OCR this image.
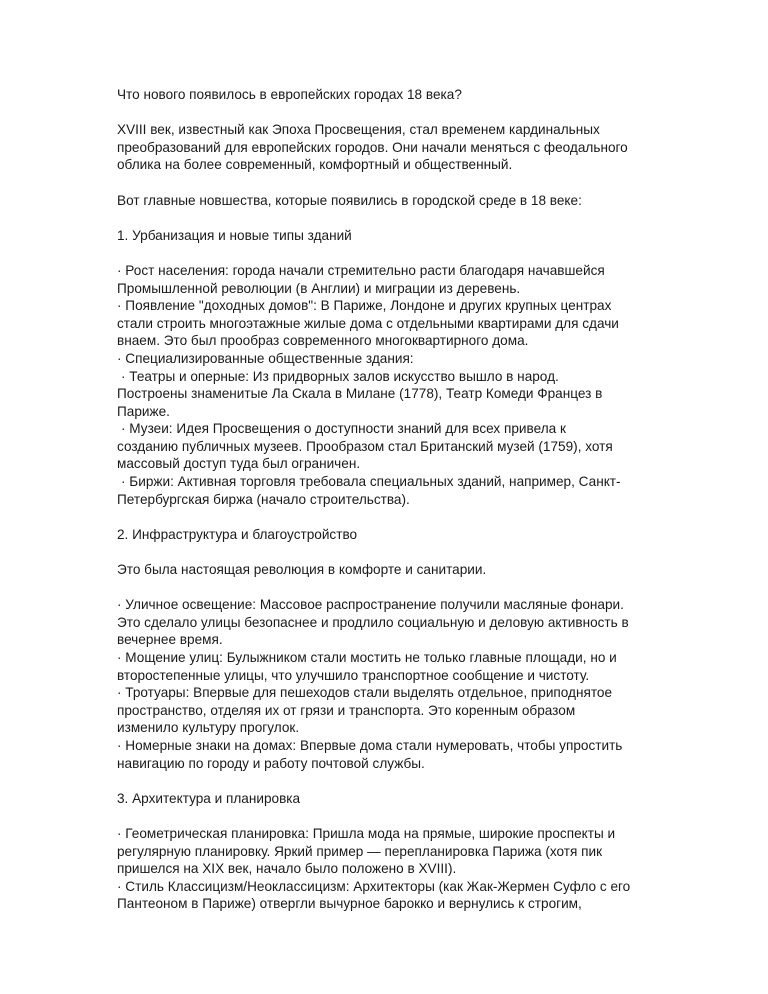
Что нового появилось в европейских городах 18 века?
XVIII век, известный как Эпоха Просвещения, стал временем кардинальных
преобразований для европейских городов. Они начали меняться с феодального
облика на более современный, комфортный и общественный.
Вот главные новшества, которые появились в городской среде в 18 веке:
1. Урбанизация и новые типы зданий
· Рост населения: города начали стремительно расти благодаря начавшейся
Промышленной революции (в Англии) и миграции из деревень.
· Появление "доходных домов": В Париже, Лондоне и других крупных центрах
стали строить многоэтажные жилые дома с отдельными квартирами для сдачи
внаем. Это был прообраз современного многоквартирного дома.
· Специализированные общественные здания:
· Театры и оперные: Из придворных залов искусство вышло в народ.
Построены знаменитые Ла Скала в Милане (1778), Театр Комеди Францез в
Париже.
· Музеи: Идея Просвещения о доступности знаний для всех привела к
созданию публичных музеев. Прообразом стал Британский музей (1759), хотя
массовый доступ туда был ограничен.
· Биржи: Активная торговля требовала специальных зданий, например, Санкт-
Петербургская биржа (начало строительства).
2. Инфраструктура и благоустройство
Это была настоящая революция в комфорте и санитарии.
· Уличное освещение: Массовое распространение получили масляные фонари.
Это сделало улицы безопаснее и продлило социальную и деловую активность в
вечернее время.
· Мощение улиц: Булыжником стали мостить не только главные площади, но и
второстепенные улицы, что улучшило транспортное сообщение и чистоту.
· Тротуары: Впервые для пешеходов стали выделять отдельное, приподнятое
пространство, отделяя их от грязи и транспорта. Это коренным образом
изменило культуру прогулок.
· Номерные знаки на домах: Впервые дома стали нумеровать, чтобы упростить
навигацию по городу и работу почтовой службы.
3. Архитектура и планировка
· Геометрическая планировка: Пришла мода на прямые, широкие проспекты и
регулярную планировку. Яркий пример — перепланировка Парижа (хотя пик
пришелся на XIX век, начало было положено в XVIII).
· Стиль Классицизм/Неоклассицизм: Архитекторы (как Жак-Жермен Суфло с его
Пантеоном в Париже) отвергли вычурное барокко и вернулись к строгим,
